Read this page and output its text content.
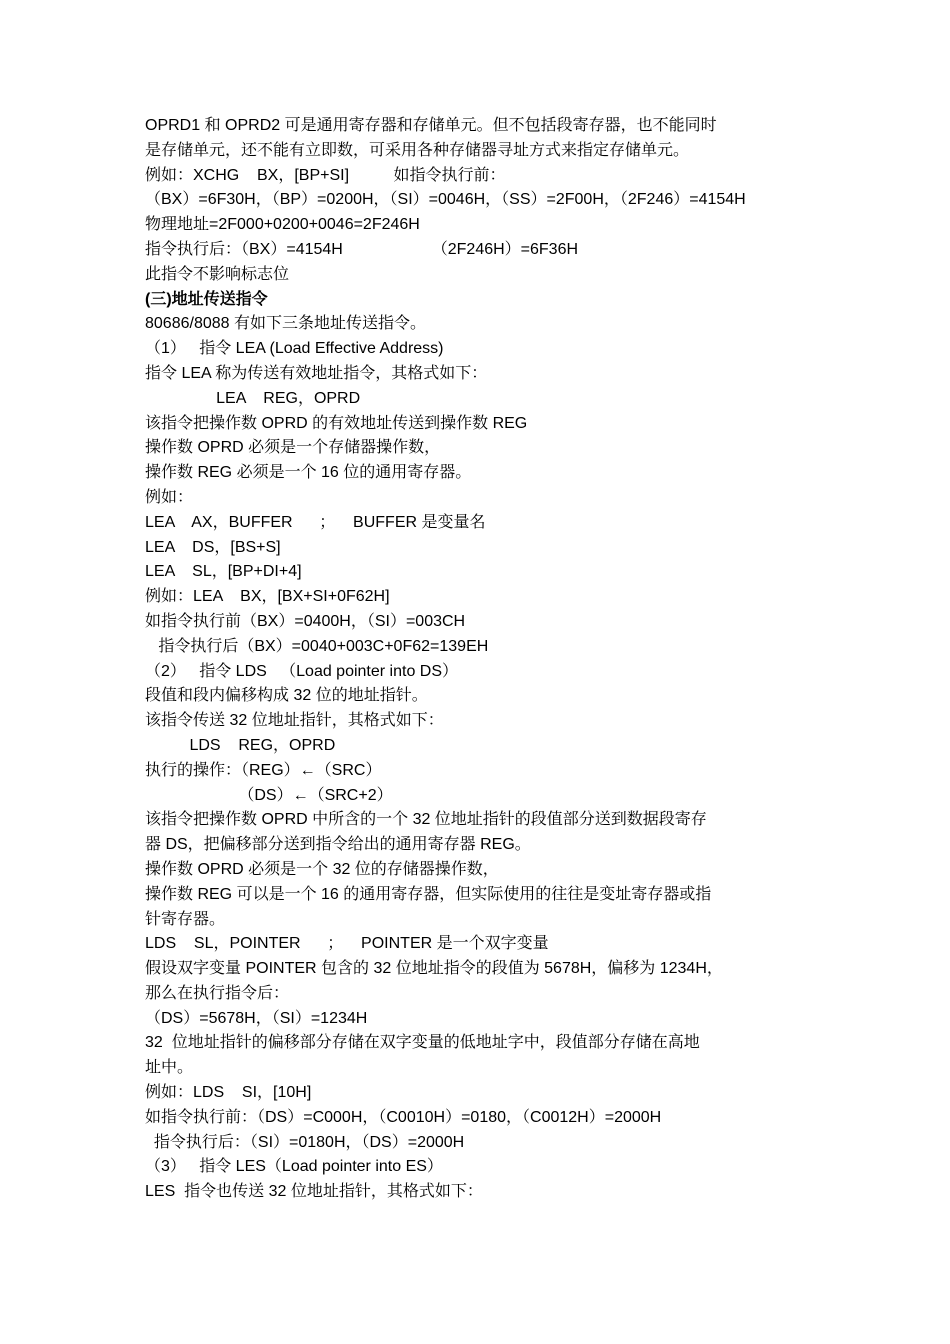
OPRD1 和 OPRD2 可是通用寄存器和存储单元。但不包括段寄存器，也不能同时
是存储单元，还不能有立即数，可采用各种存储器寻址方式来指定存储单元。
例如：XCHG    BX，[BP+SI]          如指令执行前：
（BX）=6F30H，（BP）=0200H，（SI）=0046H，（SS）=2F00H，（2F246）=4154H
物理地址=2F000+0200+0046=2F246H
指令执行后：（BX）=4154H                    （2F246H）=6F36H
此指令不影响标志位
(三)地址传送指令
80686/8088 有如下三条地址传送指令。
（1）   指令 LEA (Load Effective Address)
指令 LEA 称为传送有效地址指令，其格式如下：
LEA    REG，OPRD
该指令把操作数 OPRD 的有效地址传送到操作数 REG
操作数 OPRD 必须是一个存储器操作数，
操作数 REG 必须是一个 16 位的通用寄存器。
例如：
LEA    AX，BUFFER      ；    BUFFER 是变量名
LEA    DS，[BS+S]
LEA    SL，[BP+DI+4]
例如：LEA    BX，[BX+SI+0F62H]
如指令执行前（BX）=0400H，（SI）=003CH
指令执行后（BX）=0040+003C+0F62=139EH
（2）   指令 LDS   （Load pointer into DS）
段值和段内偏移构成 32 位的地址指针。
该指令传送 32 位地址指针，其格式如下：
LDS    REG，OPRD
执行的操作：（REG）←（SRC）
（DS）←（SRC+2）
该指令把操作数 OPRD 中所含的一个 32 位地址指针的段值部分送到数据段寄存
器 DS，把偏移部分送到指令给出的通用寄存器 REG。
操作数 OPRD 必须是一个 32 位的存储器操作数，
操作数 REG 可以是一个 16 的通用寄存器，但实际使用的往往是变址寄存器或指
针寄存器。
LDS    SL，POINTER      ；    POINTER 是一个双字变量
假设双字变量 POINTER 包含的 32 位地址指令的段值为 5678H，偏移为 1234H，
那么在执行指令后：
（DS）=5678H，（SI）=1234H
32  位地址指针的偏移部分存储在双字变量的低地址字中，段值部分存储在高地
址中。
例如：LDS    SI，[10H]
如指令执行前：（DS）=C000H，（C0010H）=0180，（C0012H）=2000H
指令执行后：（SI）=0180H，（DS）=2000H
（3）   指令 LES（Load pointer into ES）
LES  指令也传送 32 位地址指针，其格式如下：
